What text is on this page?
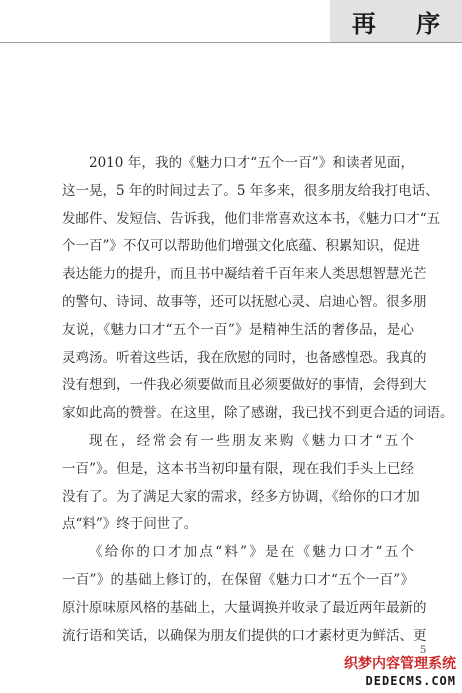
再 序
2010 年，我的《魅力口才“五个一百”》和读者见面，
这一晃，5 年的时间过去了。5 年多来，很多朋友给我打电话、
发邮件、发短信、告诉我，他们非常喜欢这本书，《魅力口才“五
个一百”》不仅可以帮助他们增强文化底蕴、积累知识，促进
表达能力的提升，而且书中凝结着千百年来人类思想智慧光芒
的警句、诗词、故事等，还可以抚慰心灵、启迪心智。很多朋
友说，《魅力口才“五个一百”》是精神生活的奢侈品，是心
灵鸡汤。听着这些话，我在欣慰的同时，也备感惶恐。我真的
没有想到，一件我必须要做而且必须要做好的事情，会得到大
家如此高的赞誉。在这里，除了感谢，我已找不到更合适的词语。
现在，经常会有一些朋友来购《魅力口才“五个
一百”》。但是，这本书当初印量有限，现在我们手头上已经
没有了。为了满足大家的需求，经多方协调，《给你的口才加
点“料”》终于问世了。
《给你的口才加点“料”》是在《魅力口才“五个
一百”》的基础上修订的，在保留《魅力口才“五个一百”》
原汁原味原风格的基础上，大量调换并收录了最近两年最新的
流行语和笑话，以确保为朋友们提供的口才素材更为鲜活、更
5
织梦内容管理系统
DEDECMS.COM
